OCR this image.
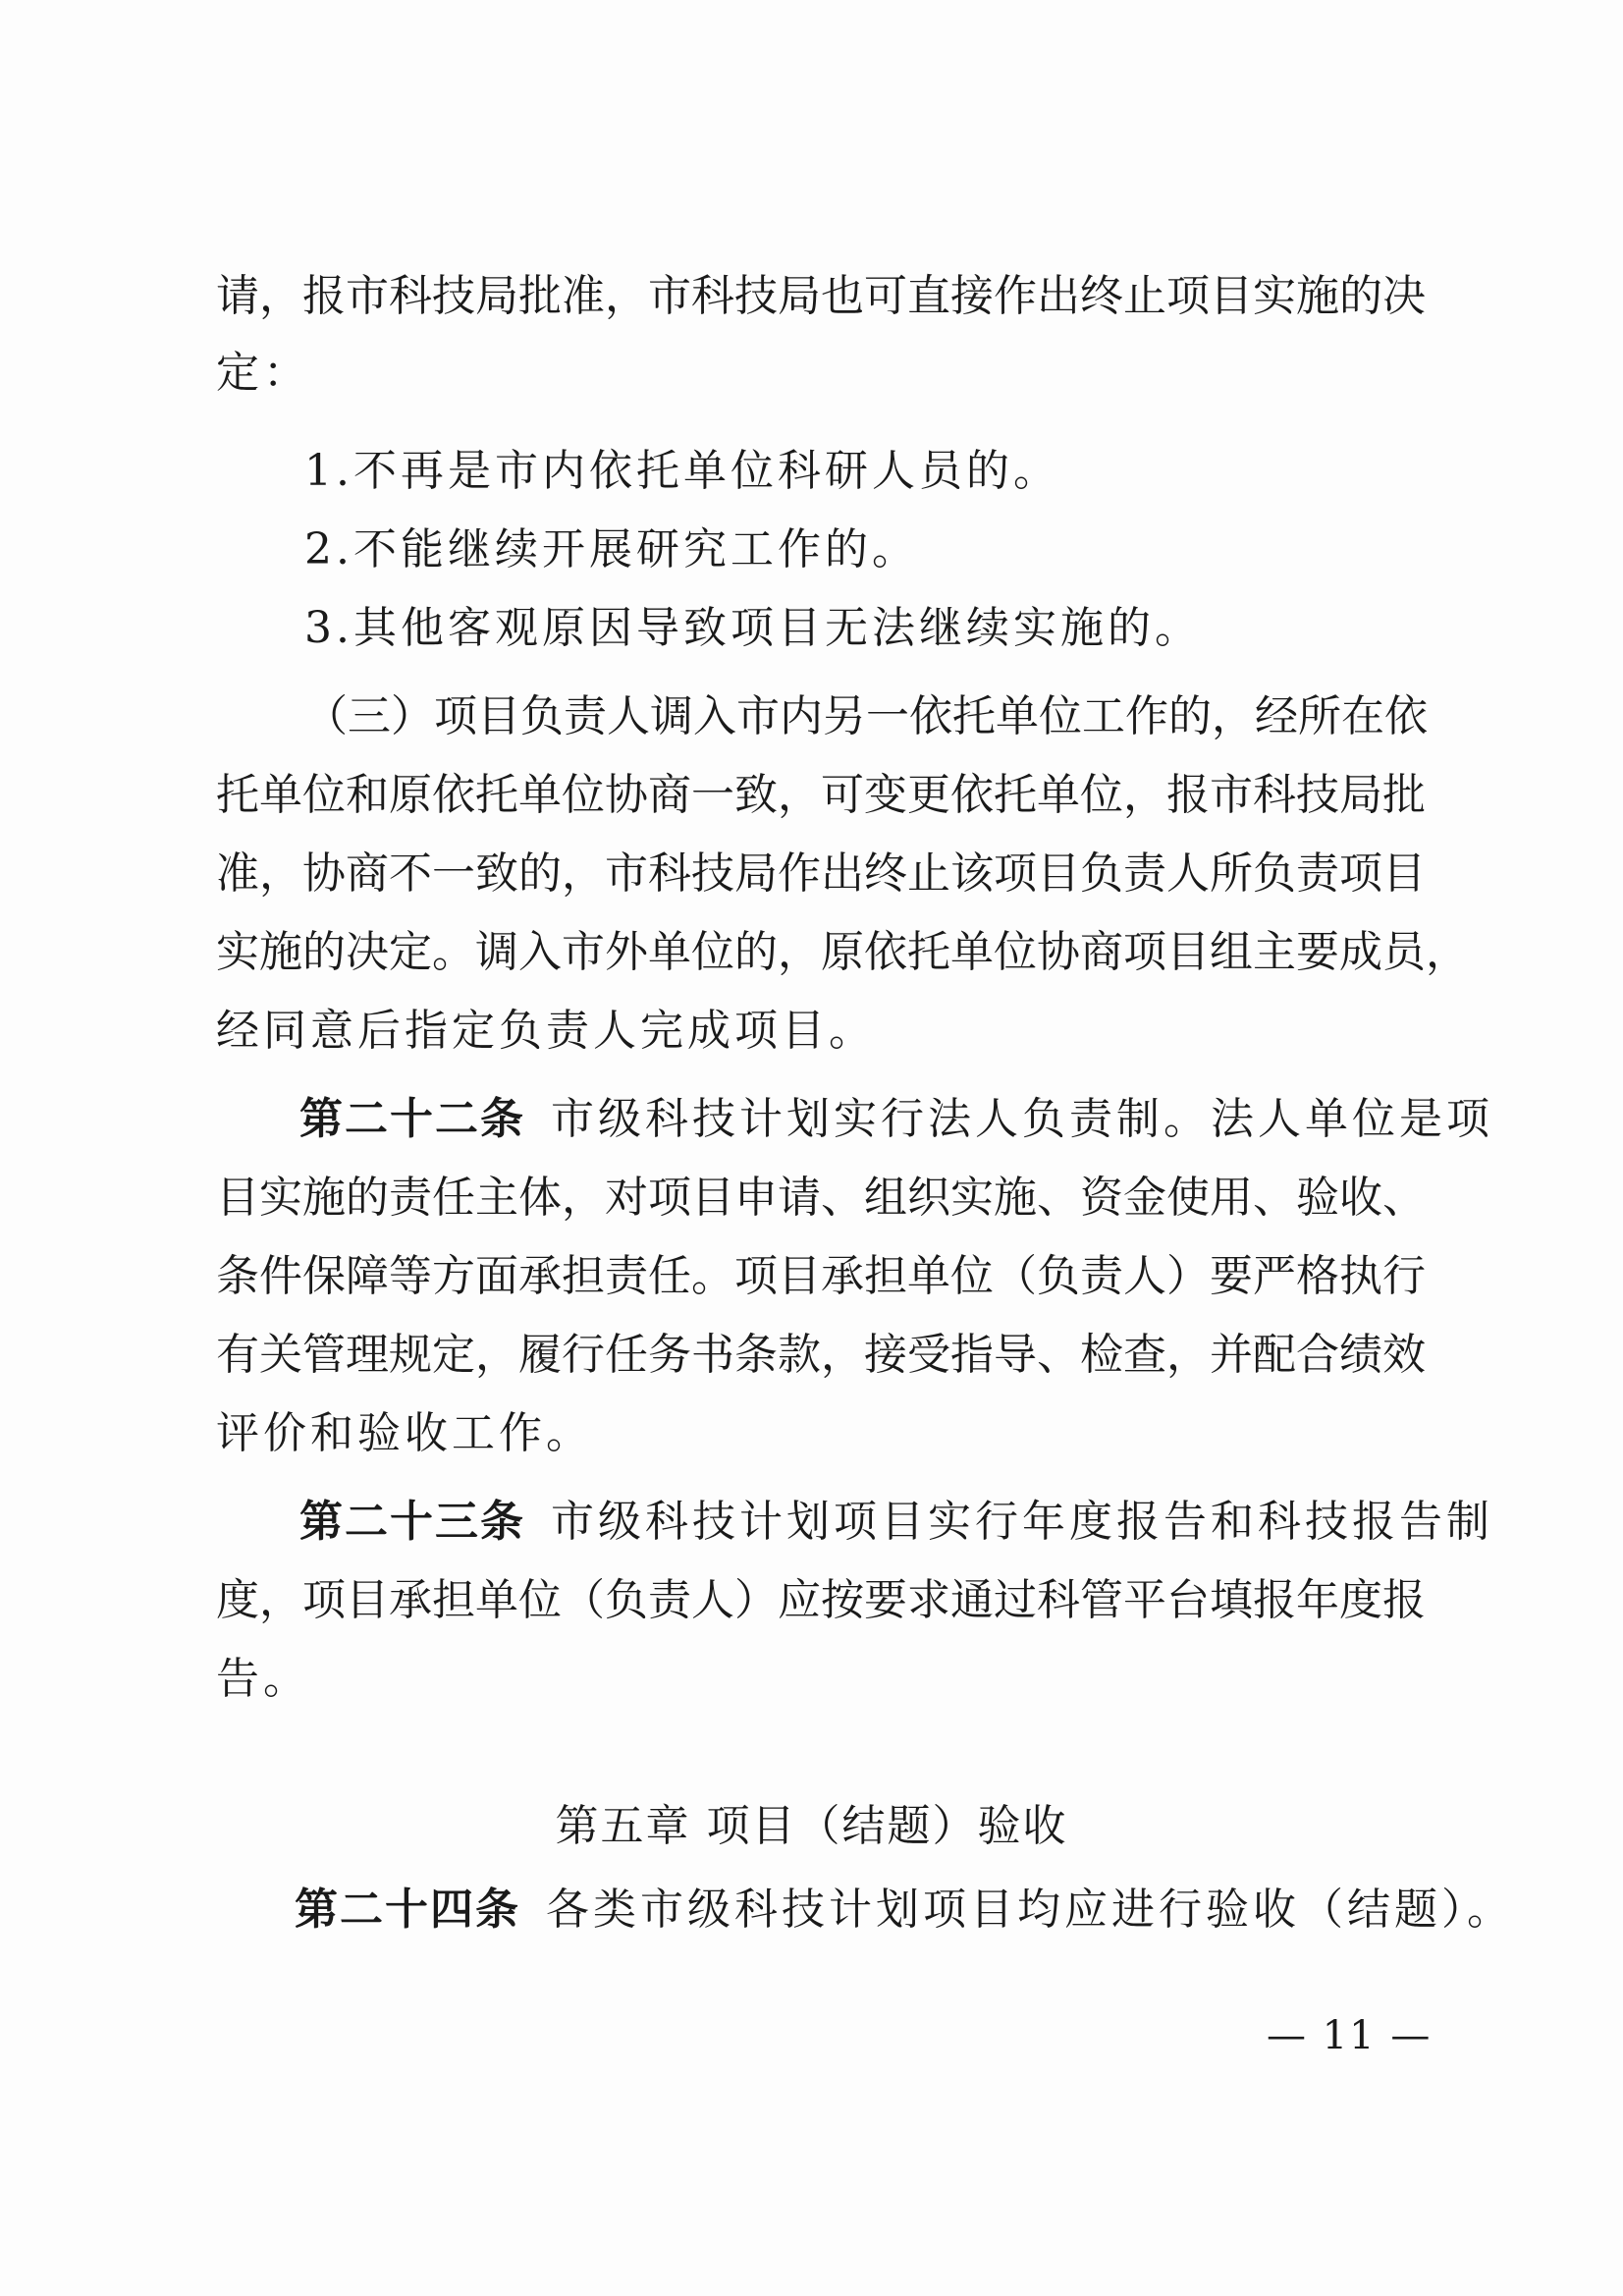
请，报市科技局批准，市科技局也可直接作出终止项目实施的决
定：
1.不再是市内依托单位科研人员的。
2.不能继续开展研究工作的。
3.其他客观原因导致项目无法继续实施的。
（三）项目负责人调入市内另一依托单位工作的，经所在依
托单位和原依托单位协商一致，可变更依托单位，报市科技局批
准，协商不一致的，市科技局作出终止该项目负责人所负责项目
实施的决定。调入市外单位的，原依托单位协商项目组主要成员，
经同意后指定负责人完成项目。
第二十二条 市级科技计划实行法人负责制。法人单位是项
目实施的责任主体，对项目申请、组织实施、资金使用、验收、
条件保障等方面承担责任。项目承担单位（负责人）要严格执行
有关管理规定，履行任务书条款，接受指导、检查，并配合绩效
评价和验收工作。
第二十三条 市级科技计划项目实行年度报告和科技报告制
度，项目承担单位（负责人）应按要求通过科管平台填报年度报
告。
第五章 项目（结题）验收
第二十四条 各类市级科技计划项目均应进行验收（结题）。
— 11 —
